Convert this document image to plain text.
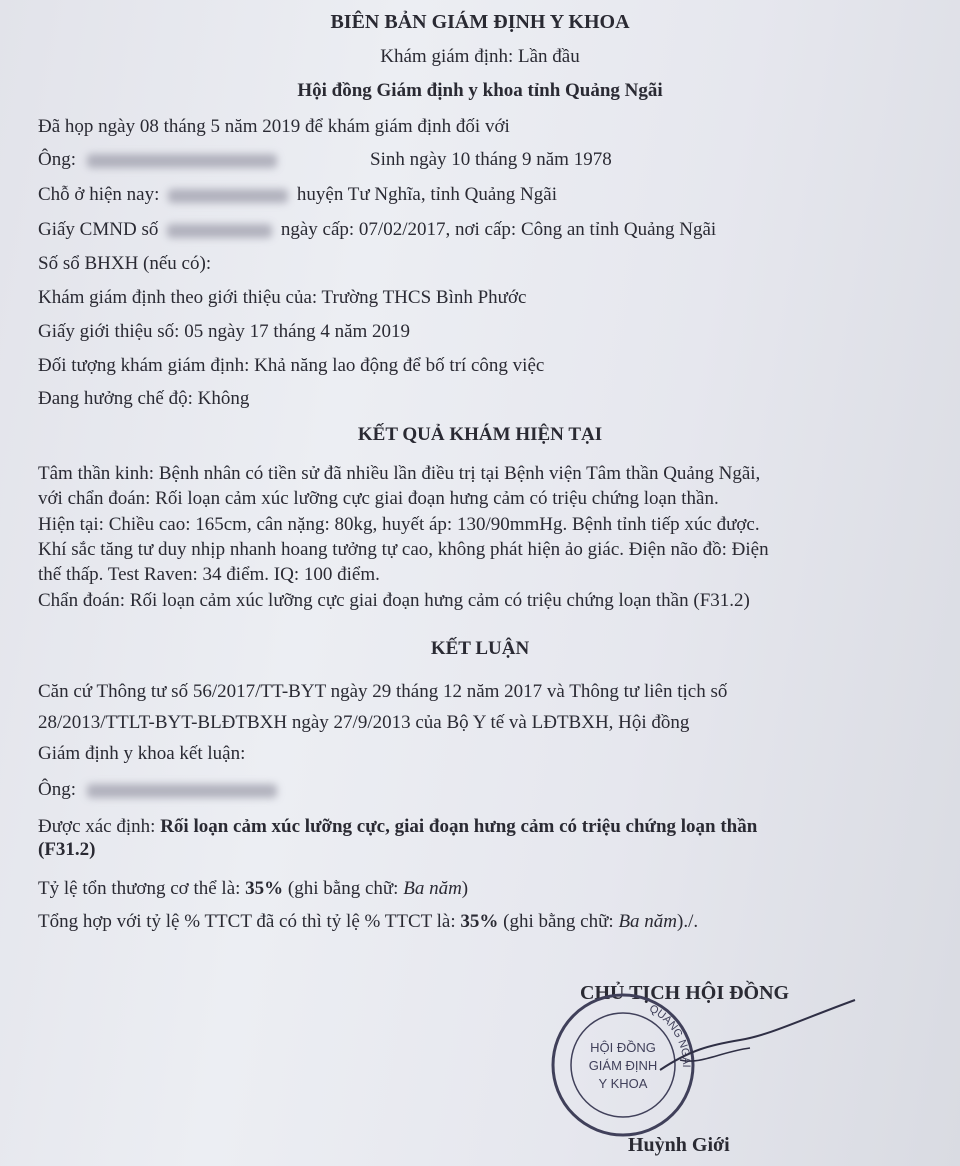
BIÊN BẢN GIÁM ĐỊNH Y KHOA
Khám giám định: Lần đầu
Hội đồng Giám định y khoa tỉnh Quảng Ngãi
Đã họp ngày 08 tháng 5 năm 2019 để khám giám định đối với
Ông:	Sinh ngày 10 tháng 9 năm 1978
Chỗ ở hiện nay:	huyện Tư Nghĩa, tỉnh Quảng Ngãi
Giấy CMND số	ngày cấp: 07/02/2017, nơi cấp: Công an tỉnh Quảng Ngãi
Số sổ BHXH (nếu có):
Khám giám định theo giới thiệu của: Trường THCS Bình Phước
Giấy giới thiệu số: 05 ngày 17 tháng 4 năm 2019
Đối tượng khám giám định: Khả năng lao động để bố trí công việc
Đang hưởng chế độ: Không
KẾT QUẢ KHÁM HIỆN TẠI
Tâm thần kinh: Bệnh nhân có tiền sử đã nhiều lần điều trị tại Bệnh viện Tâm thần Quảng Ngãi,
với chẩn đoán: Rối loạn cảm xúc lưỡng cực giai đoạn hưng cảm có triệu chứng loạn thần.
Hiện tại: Chiều cao: 165cm, cân nặng: 80kg, huyết áp: 130/90mmHg. Bệnh tỉnh tiếp xúc được.
Khí sắc tăng tư duy nhịp nhanh hoang tưởng tự cao, không phát hiện ảo giác. Điện não đồ: Điện
thế thấp. Test Raven: 34 điểm. IQ: 100 điểm.
Chẩn đoán: Rối loạn cảm xúc lưỡng cực giai đoạn hưng cảm có triệu chứng loạn thần (F31.2)
KẾT LUẬN
Căn cứ Thông tư số 56/2017/TT-BYT ngày 29 tháng 12 năm 2017 và Thông tư liên tịch số
28/2013/TTLT-BYT-BLĐTBXH ngày 27/9/2013 của Bộ Y tế và LĐTBXH, Hội đồng
Giám định y khoa kết luận:
Ông:
Được xác định: Rối loạn cảm xúc lưỡng cực, giai đoạn hưng cảm có triệu chứng loạn thần
(F31.2)
Tỷ lệ tổn thương cơ thể là: 35% (ghi bằng chữ: Ba năm)
Tổng hợp với tỷ lệ % TTCT đã có thì tỷ lệ % TTCT là: 35% (ghi bằng chữ: Ba năm)./.
CHỦ TỊCH HỘI ĐỒNG
QUẢNG NGÃI
HỘI ĐỒNG
GIÁM ĐỊNH
Y KHOA
Huỳnh Giới
